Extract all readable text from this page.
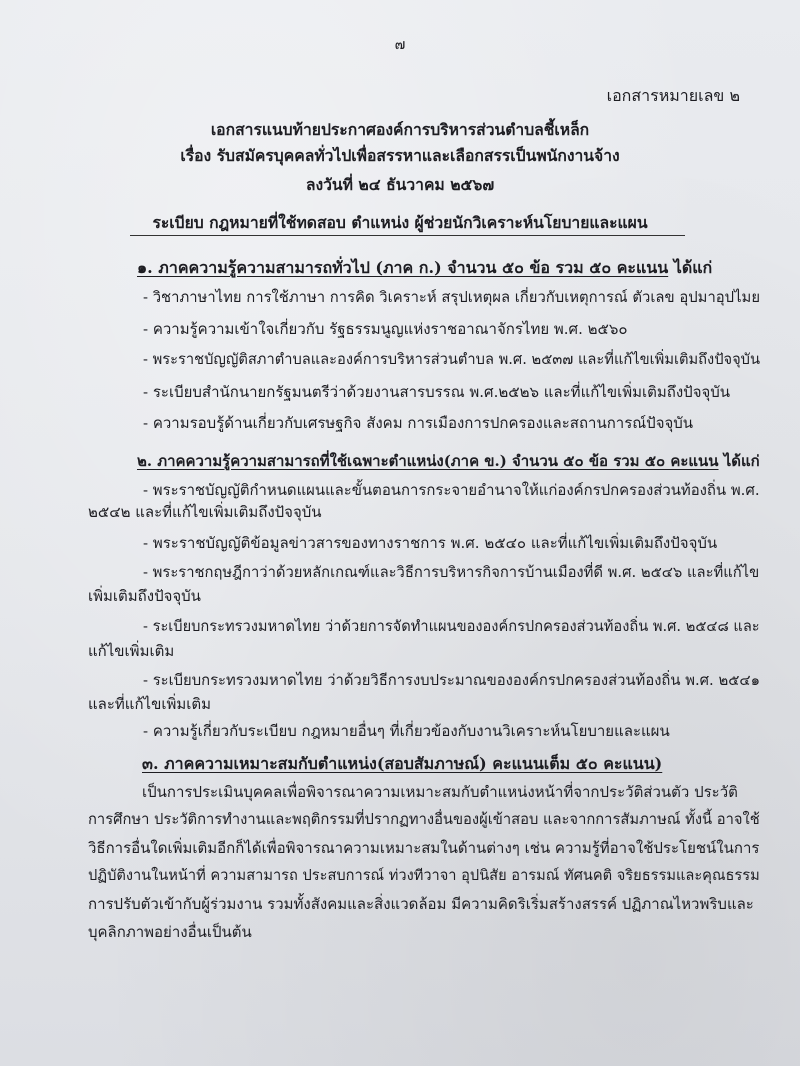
๗
เอกสารหมายเลข ๒
เอกสารแนบท้ายประกาศองค์การบริหารส่วนตำบลชี้เหล็ก
เรื่อง รับสมัครบุคคลทั่วไปเพื่อสรรหาและเลือกสรรเป็นพนักงานจ้าง
ลงวันที่ ๒๔ ธันวาคม ๒๕๖๗
ระเบียบ กฎหมายที่ใช้ทดสอบ ตำแหน่ง ผู้ช่วยนักวิเคราะห์นโยบายและแผน
๑. ภาคความรู้ความสามารถทั่วไป (ภาค ก.) จำนวน ๕๐ ข้อ รวม ๕๐ คะแนน ได้แก่
- วิชาภาษาไทย การใช้ภาษา การคิด วิเคราะห์ สรุปเหตุผล เกี่ยวกับเหตุการณ์ ตัวเลข อุปมาอุปไมย
- ความรู้ความเข้าใจเกี่ยวกับ รัฐธรรมนูญแห่งราชอาณาจักรไทย พ.ศ. ๒๕๖๐
- พระราชบัญญัติสภาตำบลและองค์การบริหารส่วนตำบล พ.ศ. ๒๕๓๗ และที่แก้ไขเพิ่มเติมถึงปัจจุบัน
- ระเบียบสำนักนายกรัฐมนตรีว่าด้วยงานสารบรรณ พ.ศ.๒๕๒๖ และที่แก้ไขเพิ่มเติมถึงปัจจุบัน
- ความรอบรู้ด้านเกี่ยวกับเศรษฐกิจ สังคม การเมืองการปกครองและสถานการณ์ปัจจุบัน
๒. ภาคความรู้ความสามารถที่ใช้เฉพาะตำแหน่ง(ภาค ข.) จำนวน ๕๐ ข้อ รวม ๕๐ คะแนน ได้แก่
- พระราชบัญญัติกำหนดแผนและขั้นตอนการกระจายอำนาจให้แก่องค์กรปกครองส่วนท้องถิ่น พ.ศ.
๒๕๔๒ และที่แก้ไขเพิ่มเติมถึงปัจจุบัน
- พระราชบัญญัติข้อมูลข่าวสารของทางราชการ พ.ศ. ๒๕๔๐ และที่แก้ไขเพิ่มเติมถึงปัจจุบัน
- พระราชกฤษฎีกาว่าด้วยหลักเกณฑ์และวิธีการบริหารกิจการบ้านเมืองที่ดี พ.ศ. ๒๕๔๖ และที่แก้ไข
เพิ่มเติมถึงปัจจุบัน
- ระเบียบกระทรวงมหาดไทย ว่าด้วยการจัดทำแผนขององค์กรปกครองส่วนท้องถิ่น พ.ศ. ๒๕๔๘ และ
แก้ไขเพิ่มเติม
- ระเบียบกระทรวงมหาดไทย ว่าด้วยวิธีการงบประมาณขององค์กรปกครองส่วนท้องถิ่น พ.ศ. ๒๕๔๑
และที่แก้ไขเพิ่มเติม
- ความรู้เกี่ยวกับระเบียบ กฎหมายอื่นๆ ที่เกี่ยวข้องกับงานวิเคราะห์นโยบายและแผน
๓. ภาคความเหมาะสมกับตำแหน่ง(สอบสัมภาษณ์) คะแนนเต็ม ๕๐ คะแนน)
เป็นการประเมินบุคคลเพื่อพิจารณาความเหมาะสมกับตำแหน่งหน้าที่จากประวัติส่วนตัว ประวัติ
การศึกษา ประวัติการทำงานและพฤติกรรมที่ปรากฏทางอื่นของผู้เข้าสอบ และจากการสัมภาษณ์ ทั้งนี้ อาจใช้
วิธีการอื่นใดเพิ่มเติมอีกก็ได้เพื่อพิจารณาความเหมาะสมในด้านต่างๆ เช่น ความรู้ที่อาจใช้ประโยชน์ในการ
ปฏิบัติงานในหน้าที่ ความสามารถ ประสบการณ์ ท่วงทีวาจา อุปนิสัย อารมณ์ ทัศนคติ จริยธรรมและคุณธรรม
การปรับตัวเข้ากับผู้ร่วมงาน รวมทั้งสังคมและสิ่งแวดล้อม มีความคิดริเริ่มสร้างสรรค์ ปฏิภาณไหวพริบและ
บุคลิกภาพอย่างอื่นเป็นต้น
